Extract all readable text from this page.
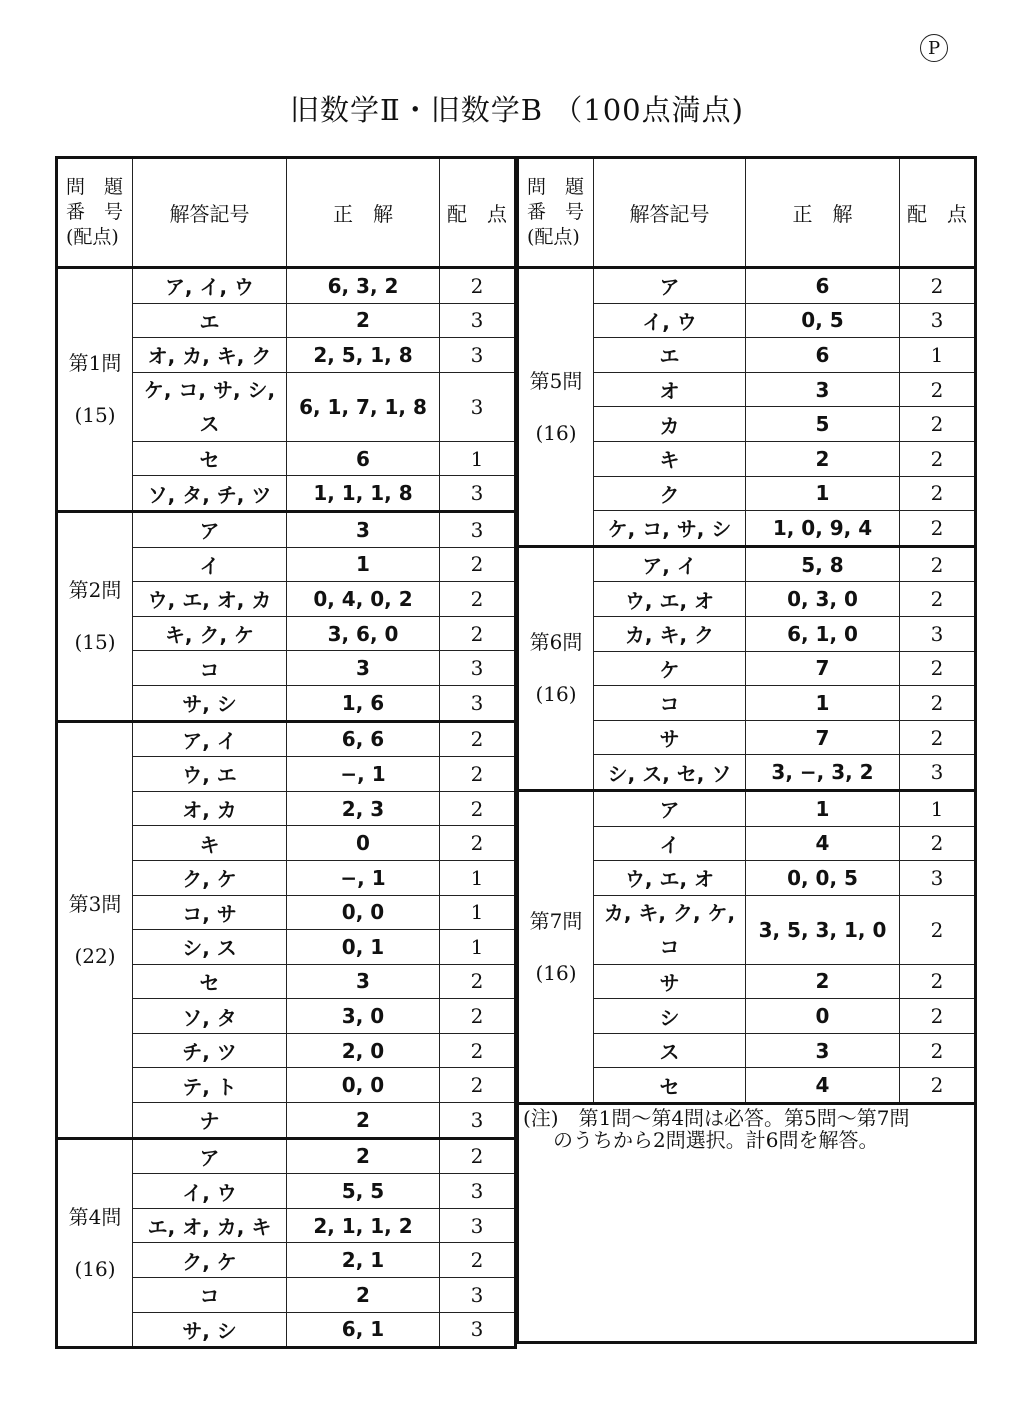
P
旧数学Ⅱ・旧数学B （100点満点)
問　題
番　号
(配点)	解答記号	正　解	配　点

第1問
(15)	ア, イ, ウ	6, 3, 2	2
	エ	2	3
	オ, カ, キ, ク	2, 5, 1, 8	3
	ケ, コ, サ, シ, ス	6, 1, 7, 1, 8	3
	セ	6	1
	ソ, タ, チ, ツ	1, 1, 1, 8	3

第2問
(15)	ア	3	3
	イ	1	2
	ウ, エ, オ, カ	0, 4, 0, 2	2
	キ, ク, ケ	3, 6, 0	2
	コ	3	3
	サ, シ	1, 6	3

第3問
(22)	ア, イ	6, 6	2
	ウ, エ	−, 1	2
	オ, カ	2, 3	2
	キ	0	2
	ク, ケ	−, 1	1
	コ, サ	0, 0	1
	シ, ス	0, 1	1
	セ	3	2
	ソ, タ	3, 0	2
	チ, ツ	2, 0	2
	テ, ト	0, 0	2
	ナ	2	3

第4問
(16)	ア	2	2
	イ, ウ	5, 5	3
	エ, オ, カ, キ	2, 1, 1, 2	3
	ク, ケ	2, 1	2
	コ	2	3
	サ, シ	6, 1	3
問　題
番　号
(配点)	解答記号	正　解	配　点

第5問
(16)	ア	6	2
	イ, ウ	0, 5	3
	エ	6	1
	オ	3	2
	カ	5	2
	キ	2	2
	ク	1	2
	ケ, コ, サ, シ	1, 0, 9, 4	2

第6問
(16)	ア, イ	5, 8	2
	ウ, エ, オ	0, 3, 0	2
	カ, キ, ク	6, 1, 0	3
	ケ	7	2
	コ	1	2
	サ	7	2
	シ, ス, セ, ソ	3, −, 3, 2	3

第7問
(16)	ア	1	1
	イ	4	2
	ウ, エ, オ	0, 0, 5	3
	カ, キ, ク, ケ, コ	3, 5, 3, 1, 0	2
	サ	2	2
	シ	0	2
	ス	3	2
	セ	4	2

(注)　第1問～第4問は必答。第5問～第7問
のうちから2問選択。計6問を解答。			
